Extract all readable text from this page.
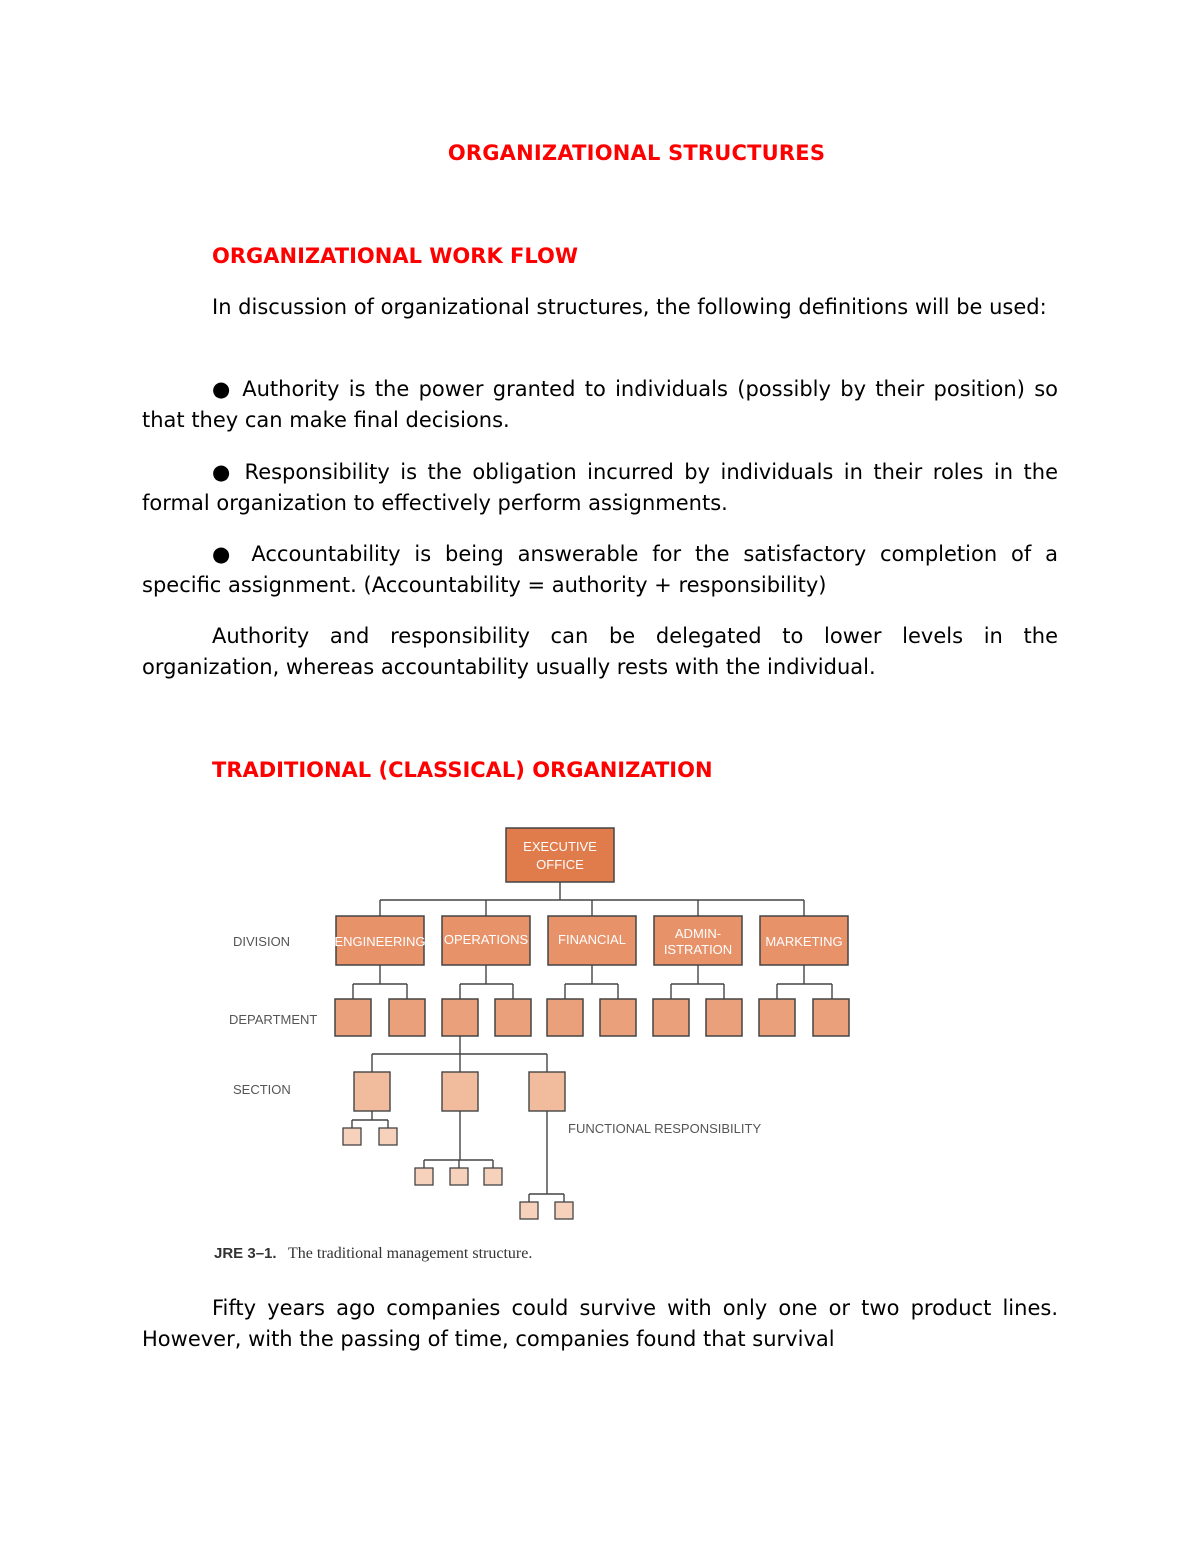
ORGANIZATIONAL STRUCTURES
ORGANIZATIONAL WORK FLOW

In discussion of organizational structures, the following definitions will be used:

● Authority is the power granted to individuals (possibly by their position) so that they can make final decisions.

● Responsibility is the obligation incurred by individuals in their roles in the formal organization to effectively perform assignments.

● Accountability is being answerable for the satisfactory completion of a specific assignment. (Accountability = authority + responsibility)

Authority and responsibility can be delegated to lower levels in the organization, whereas accountability usually rests with the individual.

TRADITIONAL (CLASSICAL) ORGANIZATION
EXECUTIVE
OFFICE
DIVISION
DEPARTMENT
SECTION
FUNCTIONAL RESPONSIBILITY
ENGINEERING OPERATIONS FINANCIAL	ADMIN-
ISTRATION
MARKETING
JRE 3–1. The traditional management structure.

Fifty years ago companies could survive with only one or two product lines. However, with the passing of time, companies found that survival
